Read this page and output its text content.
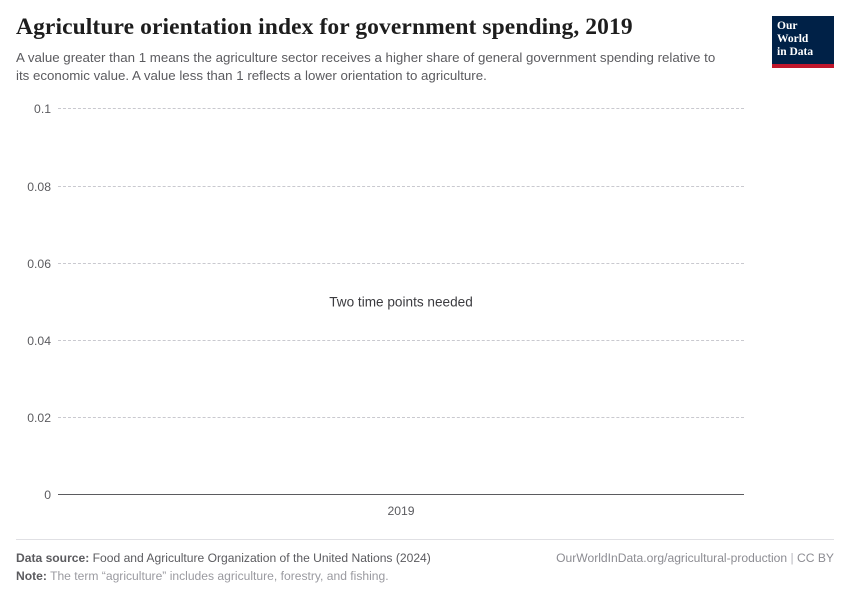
Agriculture orientation index for government spending, 2019

A value greater than 1 means the agriculture sector receives a higher share of general government spending relative to its economic value. A value less than 1 reflects a lower orientation to agriculture.

Our World
in Data
0
0.02
0.04
0.06
0.08
0.1
2019
Two time points needed
Data source: Food and Agriculture Organization of the United Nations (2024)	OurWorldInData.org/agricultural-production | CC BY
Note: The term “agriculture” includes agriculture, forestry, and fishing.
